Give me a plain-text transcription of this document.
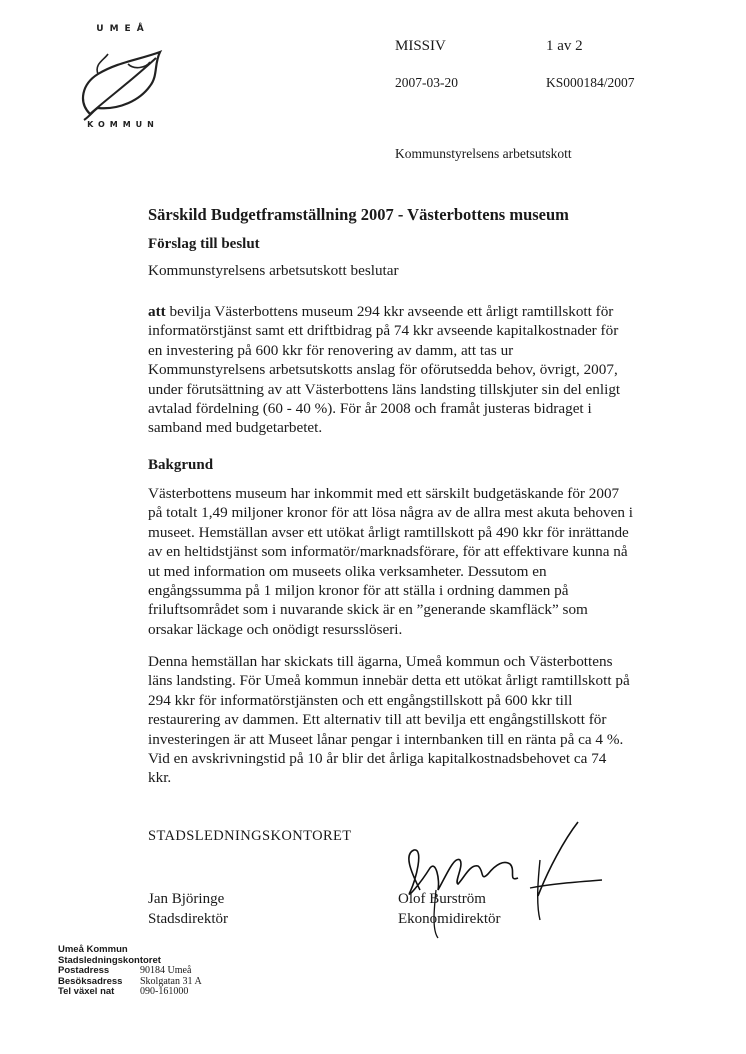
UMEÅ
KOMMUN
MISSIV	1 av 2
2007-03-20	KS000184/2007
Kommunstyrelsens arbetsutskott
Särskild Budgetframställning 2007 - Västerbottens museum
Förslag till beslut
Kommunstyrelsens arbetsutskott beslutar
att bevilja Västerbottens museum 294 kkr avseende ett årligt ramtillskott för
informatörstjänst samt ett driftbidrag på 74 kkr avseende kapitalkostnader för
en investering på 600 kkr för renovering av damm, att tas ur
Kommunstyrelsens arbetsutskotts anslag för oförutsedda behov, övrigt, 2007,
under förutsättning av att Västerbottens läns landsting tillskjuter sin del enligt
avtalad fördelning (60 - 40 %). För år 2008 och framåt justeras bidraget i
samband med budgetarbetet.
Bakgrund
Västerbottens museum har inkommit med ett särskilt budgetäskande för 2007
på totalt 1,49 miljoner kronor för att lösa några av de allra mest akuta behoven i
museet. Hemställan avser ett utökat årligt ramtillskott på 490 kkr för inrättande
av en heltidstjänst som informatör/marknadsförare, för att effektivare kunna nå
ut med information om museets olika verksamheter. Dessutom en
engångssumma på 1 miljon kronor för att ställa i ordning dammen på
friluftsområdet som i nuvarande skick är en ”generande skamfläck” som
orsakar läckage och onödigt resursslöseri.
Denna hemställan har skickats till ägarna, Umeå kommun och Västerbottens
läns landsting. För Umeå kommun innebär detta ett utökat årligt ramtillskott på
294 kkr för informatörstjänsten och ett engångstillskott på 600 kkr till
restaurering av dammen. Ett alternativ till att bevilja ett engångstillskott för
investeringen är att Museet lånar pengar i internbanken till en ränta på ca 4 %.
Vid en avskrivningstid på 10 år blir det årliga kapitalkostnadsbehovet ca 74
kkr.
STADSLEDNINGSKONTORET
Jan Björinge
Stadsdirektör
Olof Burström
Ekonomidirektör
Umeå Kommun
Stadsledningskontoret
Postadress	90184 Umeå
Besöksadress Skolgatan 31 A
Tel växel nat	090-161000
